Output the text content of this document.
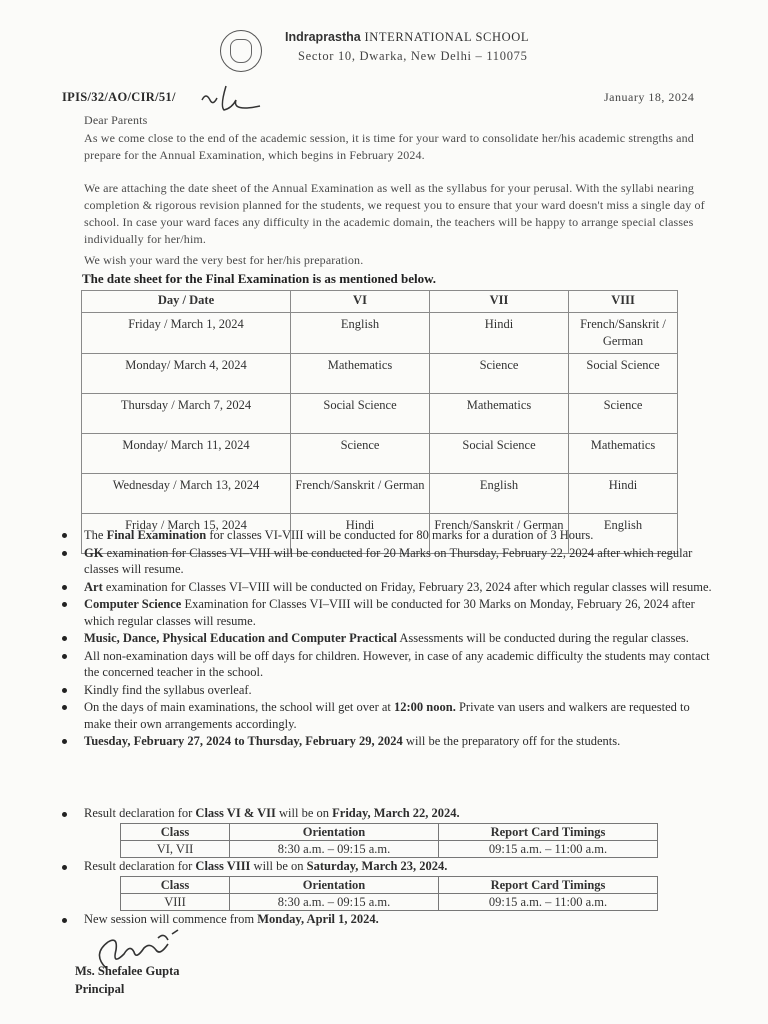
Indraprastha INTERNATIONAL SCHOOL
Sector 10, Dwarka, New Delhi – 110075
IPIS/32/AO/CIR/51/	January 18, 2024
Dear Parents
As we come close to the end of the academic session, it is time for your ward to consolidate her/his academic strengths and prepare for the Annual Examination, which begins in February 2024.
We are attaching the date sheet of the Annual Examination as well as the syllabus for your perusal. With the syllabi nearing completion & rigorous revision planned for the students, we request you to ensure that your ward doesn't miss a single day of school. In case your ward faces any difficulty in the academic domain, the teachers will be happy to arrange special classes individually for her/him.
We wish your ward the very best for her/his preparation.
The date sheet for the Final Examination is as mentioned below.
Day / Date	VI	VII	VIII
Friday / March 1, 2024	English	Hindi	French/Sanskrit / German
Monday/ March 4, 2024	Mathematics	Science	Social Science
Thursday / March 7, 2024	Social Science	Mathematics	Science
Monday/ March 11, 2024	Science	Social Science	Mathematics
Wednesday / March 13, 2024	French/Sanskrit / German	English	Hindi
Friday / March 15, 2024	Hindi	French/Sanskrit / German	English
The Final Examination for classes VI-VIII will be conducted for 80 marks for a duration of 3 Hours.
GK examination for Classes VI–VIII will be conducted for 20 Marks on Thursday, February 22, 2024 after which regular classes will resume.
Art examination for Classes VI–VIII will be conducted on Friday, February 23, 2024 after which regular classes will resume.
Computer Science Examination for Classes VI–VIII will be conducted for 30 Marks on Monday, February 26, 2024 after which regular classes will resume.
Music, Dance, Physical Education and Computer Practical Assessments will be conducted during the regular classes.
All non-examination days will be off days for children. However, in case of any academic difficulty the students may contact the concerned teacher in the school.
Kindly find the syllabus overleaf.
On the days of main examinations, the school will get over at 12:00 noon. Private van users and walkers are requested to make their own arrangements accordingly.
Tuesday, February 27, 2024 to Thursday, February 29, 2024 will be the preparatory off for the students.
Result declaration for Class VI & VII will be on Friday, March 22, 2024.
Class	Orientation	Report Card Timings
VI, VII	8:30 a.m. – 09:15 a.m.	09:15 a.m. – 11:00 a.m.
Result declaration for Class VIII will be on Saturday, March 23, 2024.
Class	Orientation	Report Card Timings
VIII	8:30 a.m. – 09:15 a.m.	09:15 a.m. – 11:00 a.m.
New session will commence from Monday, April 1, 2024.
Ms. Shefalee Gupta
Principal
